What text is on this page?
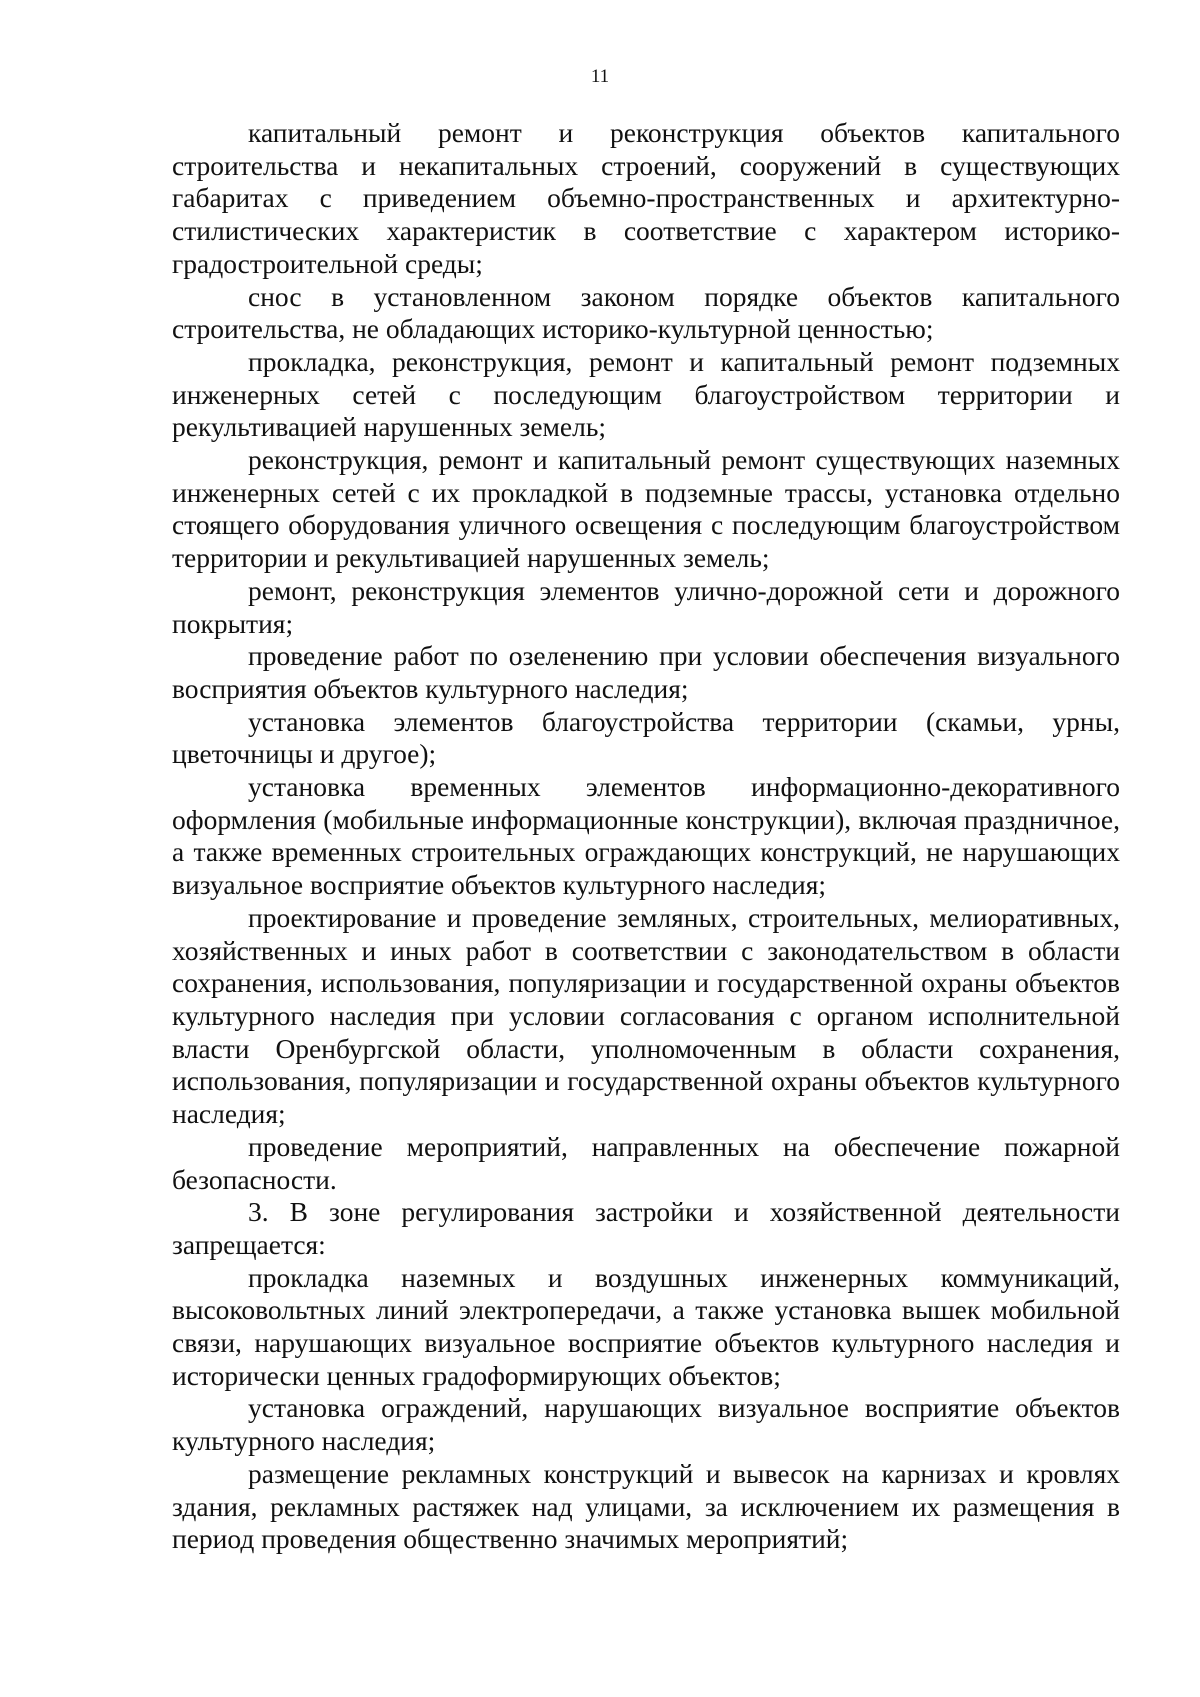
11

капитальный ремонт и реконструкция объектов капитального строительства и некапитальных строений, сооружений в существующих габаритах с приведением объемно-пространственных и архитектурно-стилистических характеристик в соответствие с характером историко-градостроительной среды;

снос в установленном законом порядке объектов капитального строительства, не обладающих историко-культурной ценностью;

прокладка, реконструкция, ремонт и капитальный ремонт подземных инженерных сетей с последующим благоустройством территории и рекультивацией нарушенных земель;

реконструкция, ремонт и капитальный ремонт существующих наземных инженерных сетей с их прокладкой в подземные трассы, установка отдельно стоящего оборудования уличного освещения с последующим благоустройством территории и рекультивацией нарушенных земель;

ремонт, реконструкция элементов улично-дорожной сети и дорожного покрытия;

проведение работ по озеленению при условии обеспечения визуального восприятия объектов культурного наследия;

установка элементов благоустройства территории (скамьи, урны, цветочницы и другое);

установка временных элементов информационно-декоративного оформления (мобильные информационные конструкции), включая праздничное, а также временных строительных ограждающих конструкций, не нарушающих визуальное восприятие объектов культурного наследия;

проектирование и проведение земляных, строительных, мелиоративных, хозяйственных и иных работ в соответствии с законодательством в области сохранения, использования, популяризации и государственной охраны объектов культурного наследия при условии согласования с органом исполнительной власти Оренбургской области, уполномоченным в области сохранения, использования, популяризации и государственной охраны объектов культурного наследия;

проведение мероприятий, направленных на обеспечение пожарной безопасности.

3. В зоне регулирования застройки и хозяйственной деятельности запрещается:

прокладка наземных и воздушных инженерных коммуникаций, высоковольтных линий электропередачи, а также установка вышек мобильной связи, нарушающих визуальное восприятие объектов культурного наследия и исторически ценных градоформирующих объектов;

установка ограждений, нарушающих визуальное восприятие объектов культурного наследия;

размещение рекламных конструкций и вывесок на карнизах и кровлях здания, рекламных растяжек над улицами, за исключением их размещения в период проведения общественно значимых мероприятий;
